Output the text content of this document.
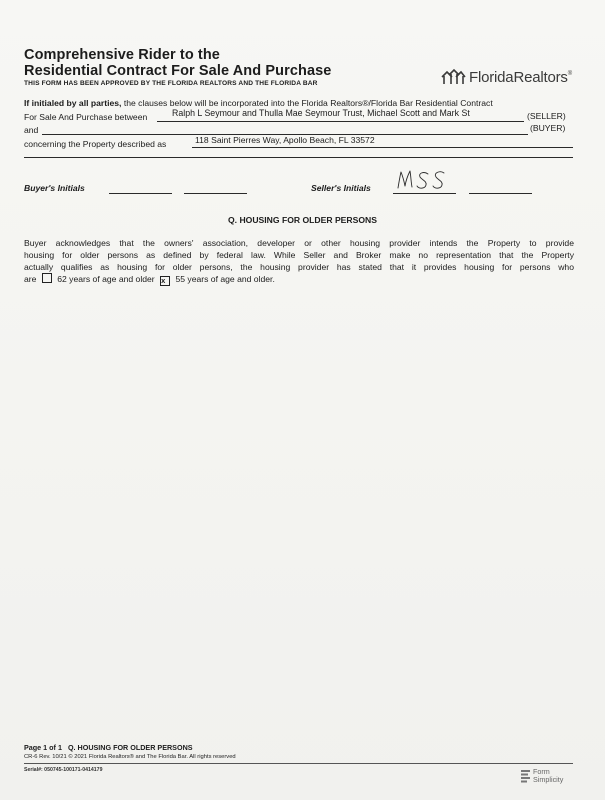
Comprehensive Rider to the
Residential Contract For Sale And Purchase
THIS FORM HAS BEEN APPROVED BY THE FLORIDA REALTORS AND THE FLORIDA BAR	FloridaRealtors ®
If initialed by all parties, the clauses below will be incorporated into the Florida Realtors®/Florida Bar Residential Contract
For Sale And Purchase between	Ralph L Seymour and Thulla Mae Seymour Trust, Michael Scott and Mark St	(SELLER)
and	(BUYER)
concerning the Property described as	118 Saint Pierres Way, Apollo Beach, FL 33572
Buyer's Initials	Seller's Initials
Q. HOUSING FOR OLDER PERSONS
Buyer acknowledges that the owners' association, developer or other housing provider intends the Property to provide
housing for older persons as defined by federal law. While Seller and Broker make no representation that the Property
actually qualifies as housing for older persons, the housing provider has stated that it provides housing for persons who
are 62 years of age and older x 55 years of age and older.
Page 1 of 1 Q. HOUSING FOR OLDER PERSONS
CR-6 Rev. 10/21 © 2021 Florida Realtors® and The Florida Bar. All rights reserved
Serial#: 050745-100171-0414179	Form
Simplicity
